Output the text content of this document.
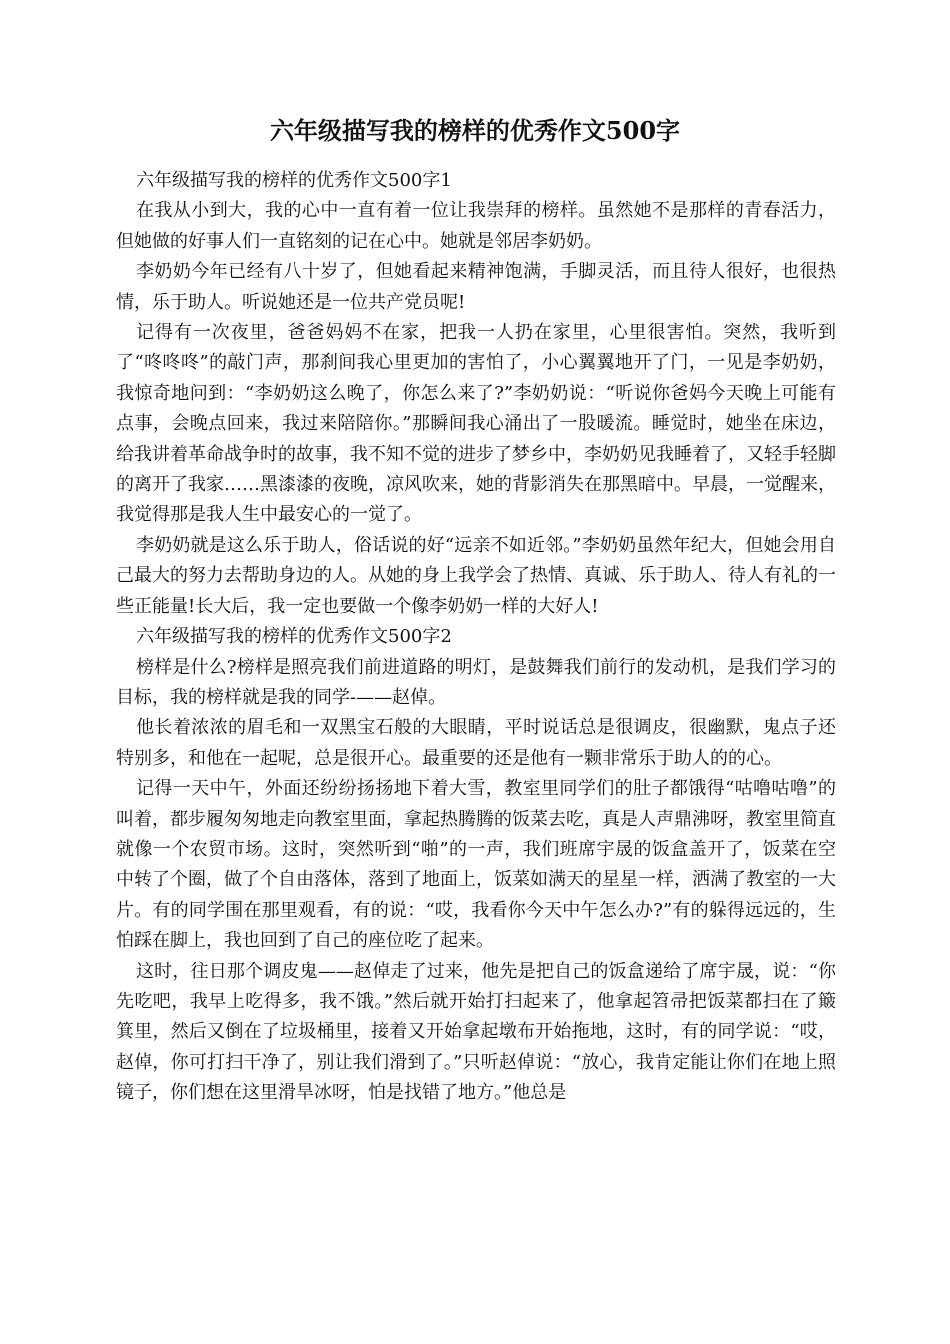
六年级描写我的榜样的优秀作文500字

六年级描写我的榜样的优秀作文500字1

在我从小到大，我的心中一直有着一位让我崇拜的榜样。虽然她不是那样的青春活力，但她做的好事人们一直铭刻的记在心中。她就是邻居李奶奶。

李奶奶今年已经有八十岁了，但她看起来精神饱满，手脚灵活，而且待人很好，也很热情，乐于助人。听说她还是一位共产党员呢!

记得有一次夜里，爸爸妈妈不在家，把我一人扔在家里，心里很害怕。突然，我听到了“咚咚咚”的敲门声，那刹间我心里更加的害怕了，小心翼翼地开了门，一见是李奶奶，我惊奇地问到：“李奶奶这么晚了，你怎么来了?”李奶奶说：“听说你爸妈今天晚上可能有点事，会晚点回来，我过来陪陪你。”那瞬间我心涌出了一股暖流。睡觉时，她坐在床边，给我讲着革命战争时的故事，我不知不觉的进步了梦乡中，李奶奶见我睡着了，又轻手轻脚的离开了我家……黑漆漆的夜晚，凉风吹来，她的背影消失在那黑暗中。早晨，一觉醒来，我觉得那是我人生中最安心的一觉了。

李奶奶就是这么乐于助人，俗话说的好“远亲不如近邻。”李奶奶虽然年纪大，但她会用自己最大的努力去帮助身边的人。从她的身上我学会了热情、真诚、乐于助人、待人有礼的一些正能量!长大后，我一定也要做一个像李奶奶一样的大好人!

六年级描写我的榜样的优秀作文500字2

榜样是什么?榜样是照亮我们前进道路的明灯，是鼓舞我们前行的发动机，是我们学习的目标，我的榜样就是我的同学-——赵倬。

他长着浓浓的眉毛和一双黑宝石般的大眼睛，平时说话总是很调皮，很幽默，鬼点子还特别多，和他在一起呢，总是很开心。最重要的还是他有一颗非常乐于助人的的心。

记得一天中午，外面还纷纷扬扬地下着大雪，教室里同学们的肚子都饿得“咕噜咕噜”的叫着，都步履匆匆地走向教室里面，拿起热腾腾的饭菜去吃，真是人声鼎沸呀，教室里简直就像一个农贸市场。这时，突然听到“啪”的一声，我们班席宇晟的饭盒盖开了，饭菜在空中转了个圈，做了个自由落体，落到了地面上，饭菜如满天的星星一样，洒满了教室的一大片。有的同学围在那里观看，有的说：“哎，我看你今天中午怎么办?”有的躲得远远的，生怕踩在脚上，我也回到了自己的座位吃了起来。

这时，往日那个调皮鬼——赵倬走了过来，他先是把自己的饭盒递给了席宇晟，说：“你先吃吧，我早上吃得多，我不饿。”然后就开始打扫起来了，他拿起笤帚把饭菜都扫在了簸箕里，然后又倒在了垃圾桶里，接着又开始拿起墩布开始拖地，这时，有的同学说：“哎，赵倬，你可打扫干净了，别让我们滑到了。”只听赵倬说：“放心，我肯定能让你们在地上照镜子，你们想在这里滑旱冰呀，怕是找错了地方。”他总是
